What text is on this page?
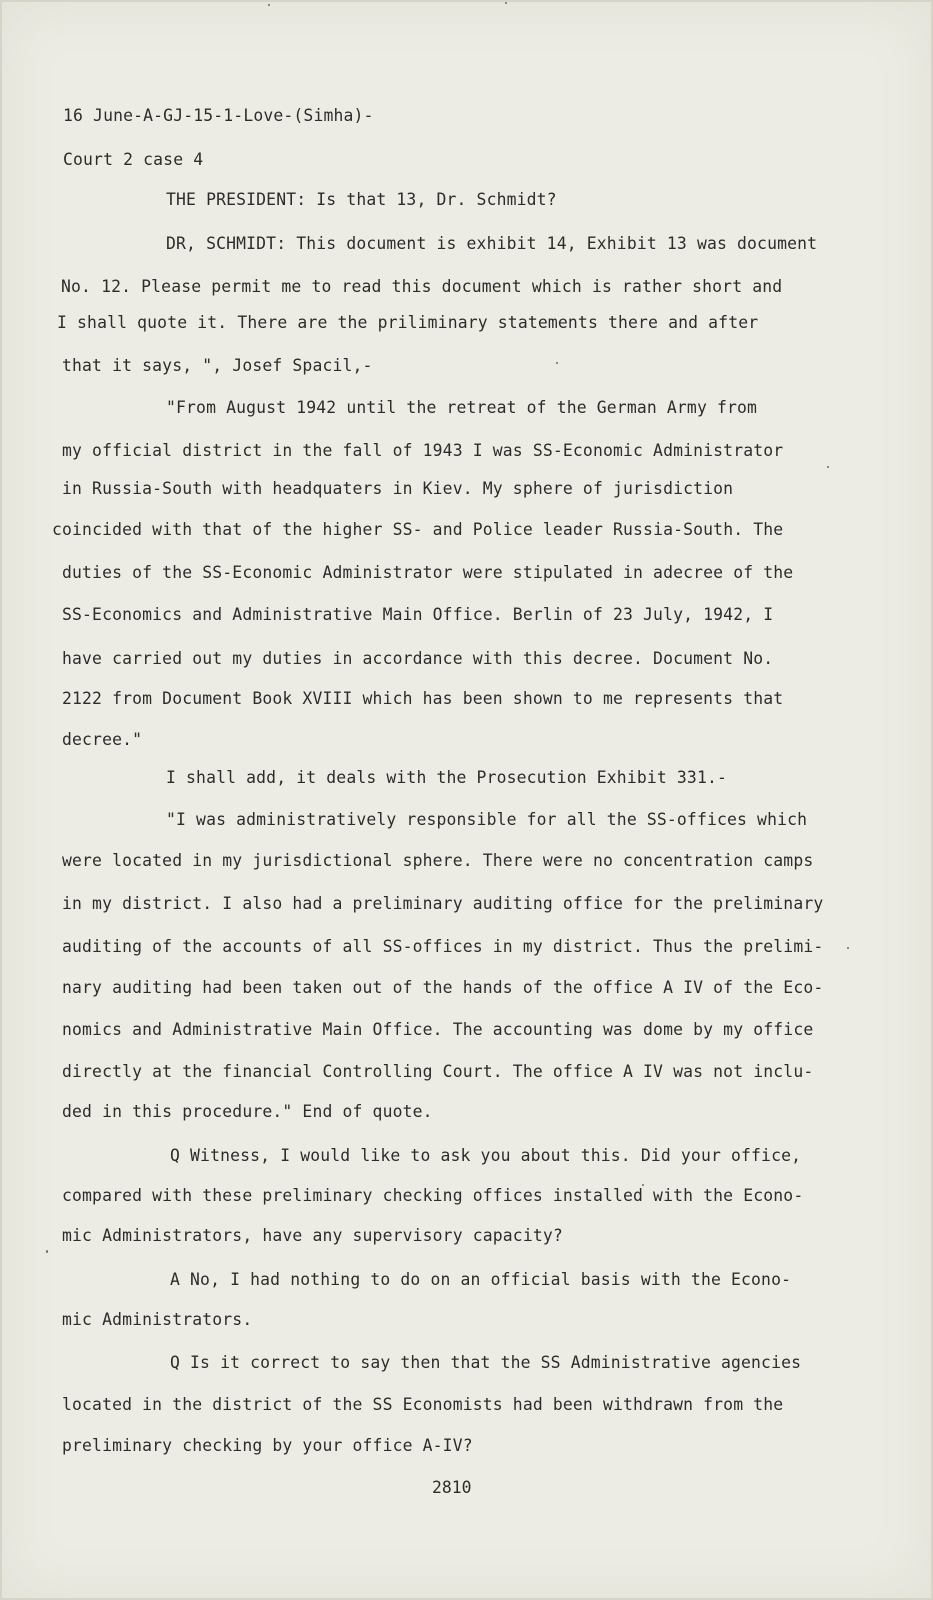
16 June-A-GJ-15-1-Love-(Simha)-
Court 2 case 4
THE PRESIDENT: Is that 13, Dr. Schmidt?
DR, SCHMIDT: This document is exhibit 14, Exhibit 13 was document
No. 12. Please permit me to read this document which is rather short and
I shall quote it. There are the priliminary statements there and after
that it says, ", Josef Spacil,-
"From August 1942 until the retreat of the German Army from
my official district in the fall of 1943 I was SS-Economic Administrator
in Russia-South with headquaters in Kiev. My sphere of jurisdiction
coincided with that of the higher SS- and Police leader Russia-South. The
duties of the SS-Economic Administrator were stipulated in adecree of the
SS-Economics and Administrative Main Office. Berlin of 23 July, 1942, I
have carried out my duties in accordance with this decree. Document No.
2122 from Document Book XVIII which has been shown to me represents that
decree."
I shall add, it deals with the Prosecution Exhibit 331.-
"I was administratively responsible for all the SS-offices which
were located in my jurisdictional sphere. There were no concentration camps
in my district. I also had a preliminary auditing office for the preliminary
auditing of the accounts of all SS-offices in my district. Thus the prelimi-
nary auditing had been taken out of the hands of the office A IV of the Eco-
nomics and Administrative Main Office. The accounting was dome by my office
directly at the financial Controlling Court. The office A IV was not inclu-
ded in this procedure." End of quote.
Q Witness, I would like to ask you about this. Did your office,
compared with these preliminary checking offices installed with the Econo-
mic Administrators, have any supervisory capacity?
A No, I had nothing to do on an official basis with the Econo-
mic Administrators.
Q Is it correct to say then that the SS Administrative agencies
located in the district of the SS Economists had been withdrawn from the
preliminary checking by your office A-IV?
2810
